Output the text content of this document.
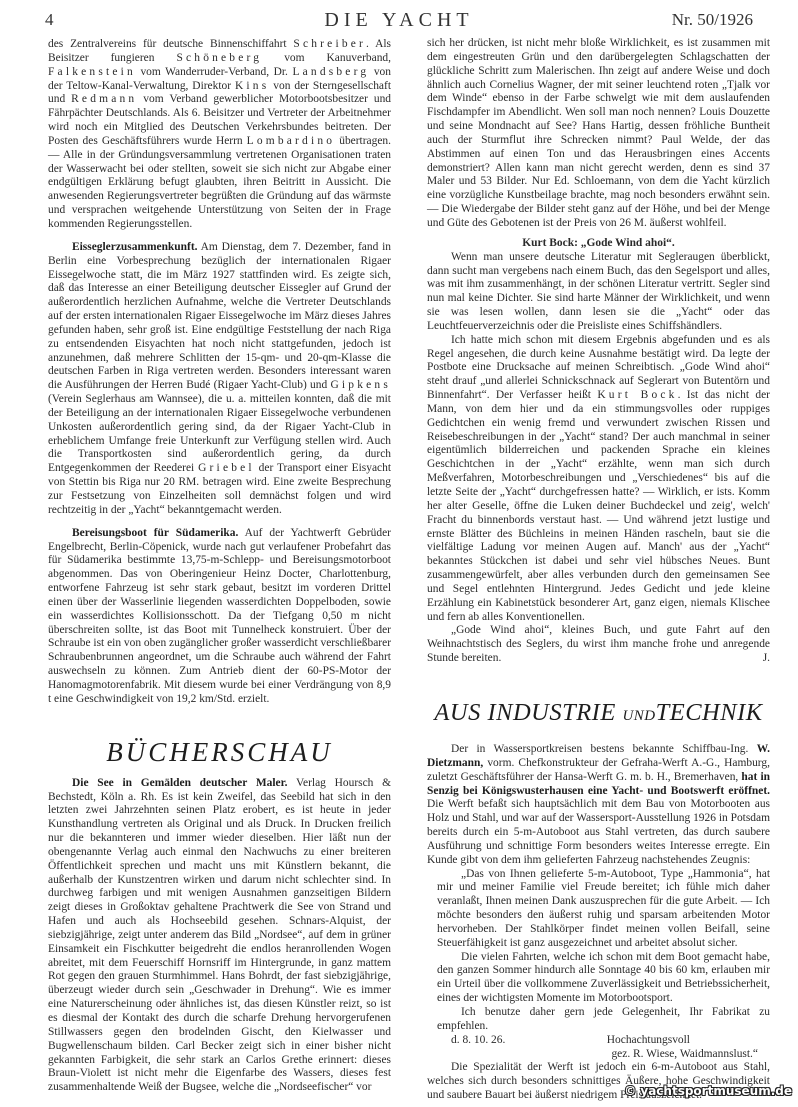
4	DIE YACHT	Nr. 50/1926

des Zentralvereins für deutsche Binnenschiffahrt Schreiber. Als Beisitzer fungieren Schöneberg vom Kanuverband, Falkenstein vom Wanderruder-Verband, Dr. Landsberg von der Teltow-Kanal-Verwaltung, Direktor Kins von der Sterngesellschaft und Redmann vom Verband gewerblicher Motorbootsbesitzer und Fährpächter Deutschlands. Als 6. Beisitzer und Vertreter der Arbeitnehmer wird noch ein Mitglied des Deutschen Verkehrsbundes beitreten. Der Posten des Geschäftsführers wurde Herrn Lombardino übertragen. — Alle in der Gründungsversammlung vertretenen Organisationen traten der Wasserwacht bei oder stellten, soweit sie sich nicht zur Abgabe einer endgültigen Erklärung befugt glaubten, ihren Beitritt in Aussicht. Die anwesenden Regierungsvertreter begrüßten die Gründung auf das wärmste und versprachen weitgehende Unterstützung von Seiten der in Frage kommenden Regierungsstellen.

Eisseglerzusammenkunft. Am Dienstag, dem 7. Dezember, fand in Berlin eine Vorbesprechung bezüglich der internationalen Rigaer Eissegelwoche statt, die im März 1927 stattfinden wird. Es zeigte sich, daß das Interesse an einer Beteiligung deutscher Eissegler auf Grund der außerordentlich herzlichen Aufnahme, welche die Vertreter Deutschlands auf der ersten internationalen Rigaer Eissegelwoche im März dieses Jahres gefunden haben, sehr groß ist. Eine endgültige Feststellung der nach Riga zu entsendenden Eisyachten hat noch nicht stattgefunden, jedoch ist anzunehmen, daß mehrere Schlitten der 15-qm- und 20-qm-Klasse die deutschen Farben in Riga vertreten werden. Besonders interessant waren die Ausführungen der Herren Budé (Rigaer Yacht-Club) und Gipkens (Verein Seglerhaus am Wannsee), die u. a. mitteilen konnten, daß die mit der Beteiligung an der internationalen Rigaer Eissegelwoche verbundenen Unkosten außerordentlich gering sind, da der Rigaer Yacht-Club in erheblichem Umfange freie Unterkunft zur Verfügung stellen wird. Auch die Transportkosten sind außerordentlich gering, da durch Entgegenkommen der Reederei Griebel der Transport einer Eisyacht von Stettin bis Riga nur 20 RM. betragen wird. Eine zweite Besprechung zur Festsetzung von Einzelheiten soll demnächst folgen und wird rechtzeitig in der „Yacht“ bekanntgemacht werden.

Bereisungsboot für Südamerika. Auf der Yachtwerft Gebrüder Engelbrecht, Berlin-Cöpenick, wurde nach gut verlaufener Probefahrt das für Südamerika bestimmte 13,75-m-Schlepp- und Bereisungsmotorboot abgenommen. Das von Oberingenieur Heinz Docter, Charlottenburg, entworfene Fahrzeug ist sehr stark gebaut, besitzt im vorderen Drittel einen über der Wasserlinie liegenden wasserdichten Doppelboden, sowie ein wasserdichtes Kollisionsschott. Da der Tiefgang 0,50 m nicht überschreiten sollte, ist das Boot mit Tunnelheck konstruiert. Über der Schraube ist ein von oben zugänglicher großer wasserdicht verschließbarer Schraubenbrunnen angeordnet, um die Schraube auch während der Fahrt auswechseln zu können. Zum Antrieb dient der 60-PS-Motor der Hanomagmotorenfabrik. Mit diesem wurde bei einer Verdrängung von 8,9 t eine Geschwindigkeit von 19,2 km/Std. erzielt.

BÜCHERSCHAU

Die See in Gemälden deutscher Maler. Verlag Hoursch & Bechstedt, Köln a. Rh. Es ist kein Zweifel, das Seebild hat sich in den letzten zwei Jahrzehnten seinen Platz erobert, es ist heute in jeder Kunsthandlung vertreten als Original und als Druck. In Drucken freilich nur die bekannteren und immer wieder dieselben. Hier läßt nun der obengenannte Verlag auch einmal den Nachwuchs zu einer breiteren Öffentlichkeit sprechen und macht uns mit Künstlern bekannt, die außerhalb der Kunstzentren wirken und darum nicht schlechter sind. In durchweg farbigen und mit wenigen Ausnahmen ganzseitigen Bildern zeigt dieses in Großoktav gehaltene Prachtwerk die See von Strand und Hafen und auch als Hochseebild gesehen. Schnars-Alquist, der siebzigjährige, zeigt unter anderem das Bild „Nordsee“, auf dem in grüner Einsamkeit ein Fischkutter beigedreht die endlos heranrollenden Wogen abreitet, mit dem Feuerschiff Hornsriff im Hintergrunde, in ganz mattem Rot gegen den grauen Sturmhimmel. Hans Bohrdt, der fast siebzigjährige, überzeugt wieder durch sein „Geschwader in Drehung“. Wie es immer eine Naturerscheinung oder ähnliches ist, das diesen Künstler reizt, so ist es diesmal der Kontakt des durch die scharfe Drehung hervorgerufenen Stillwassers gegen den brodelnden Gischt, den Kielwasser und Bugwellenschaum bilden. Carl Becker zeigt sich in einer bisher nicht gekannten Farbigkeit, die sehr stark an Carlos Grethe erinnert: dieses Braun-Violett ist nicht mehr die Eigenfarbe des Wassers, dieses fest zusammenhaltende Weiß der Bugsee, welche die „Nordseefischer“ vor

sich her drücken, ist nicht mehr bloße Wirklichkeit, es ist zusammen mit dem eingestreuten Grün und den darübergelegten Schlagschatten der glückliche Schritt zum Malerischen. Ihn zeigt auf andere Weise und doch ähnlich auch Cornelius Wagner, der mit seiner leuchtend roten „Tjalk vor dem Winde“ ebenso in der Farbe schwelgt wie mit dem auslaufenden Fischdampfer im Abendlicht. Wen soll man noch nennen? Louis Douzette und seine Mondnacht auf See? Hans Hartig, dessen fröhliche Buntheit auch der Sturmflut ihre Schrecken nimmt? Paul Welde, der das Abstimmen auf einen Ton und das Herausbringen eines Accents demonstriert? Allen kann man nicht gerecht werden, denn es sind 37 Maler und 53 Bilder. Nur Ed. Schloemann, von dem die Yacht kürzlich eine vorzügliche Kunstbeilage brachte, mag noch besonders erwähnt sein. — Die Wiedergabe der Bilder steht ganz auf der Höhe, und bei der Menge und Güte des Gebotenen ist der Preis von 26 M. äußerst wohlfeil.

Kurt Bock: „Gode Wind ahoi“.

Wenn man unsere deutsche Literatur mit Segleraugen überblickt, dann sucht man vergebens nach einem Buch, das den Segelsport und alles, was mit ihm zusammenhängt, in der schönen Literatur vertritt. Segler sind nun mal keine Dichter. Sie sind harte Männer der Wirklichkeit, und wenn sie was lesen wollen, dann lesen sie die „Yacht“ oder das Leuchtfeuerverzeichnis oder die Preisliste eines Schiffshändlers.

Ich hatte mich schon mit diesem Ergebnis abgefunden und es als Regel angesehen, die durch keine Ausnahme bestätigt wird. Da legte der Postbote eine Drucksache auf meinen Schreibtisch. „Gode Wind ahoi“ steht drauf „und allerlei Schnickschnack auf Seglerart von Butentörn und Binnenfahrt“. Der Verfasser heißt Kurt Bock. Ist das nicht der Mann, von dem hier und da ein stimmungsvolles oder ruppiges Gedichtchen ein wenig fremd und verwundert zwischen Rissen und Reisebeschreibungen in der „Yacht“ stand? Der auch manchmal in seiner eigentümlich bilderreichen und packenden Sprache ein kleines Geschichtchen in der „Yacht“ erzählte, wenn man sich durch Meßverfahren, Motorbeschreibungen und „Verschiedenes“ bis auf die letzte Seite der „Yacht“ durchgefressen hatte? — Wirklich, er ists. Komm her alter Geselle, öffne die Luken deiner Buchdeckel und zeig', welch' Fracht du binnenbords verstaut hast. — Und während jetzt lustige und ernste Blätter des Büchleins in meinen Händen rascheln, baut sie die vielfältige Ladung vor meinen Augen auf. Manch' aus der „Yacht“ bekanntes Stückchen ist dabei und sehr viel hübsches Neues. Bunt zusammengewürfelt, aber alles verbunden durch den gemeinsamen See und Segel entlehnten Hintergrund. Jedes Gedicht und jede kleine Erzählung ein Kabinetstück besonderer Art, ganz eigen, niemals Klischee und fern ab alles Konventionellen.

„Gode Wind ahoi“, kleines Buch, und gute Fahrt auf den Weihnachtstisch des Seglers, du wirst ihm manche frohe und anregende Stunde bereiten.	J.

AUS INDUSTRIE UNDTECHNIK

Der in Wassersportkreisen bestens bekannte Schiffbau-Ing. W. Dietzmann, vorm. Chefkonstrukteur der Gefraha-Werft A.-G., Hamburg, zuletzt Geschäftsführer der Hansa-Werft G. m. b. H., Bremerhaven, hat in Senzig bei Königswusterhausen eine Yacht- und Bootswerft eröffnet. Die Werft befaßt sich hauptsächlich mit dem Bau von Motorbooten aus Holz und Stahl, und war auf der Wassersport-Ausstellung 1926 in Potsdam bereits durch ein 5-m-Autoboot aus Stahl vertreten, das durch saubere Ausführung und schnittige Form besonders weites Interesse erregte. Ein Kunde gibt von dem ihm gelieferten Fahrzeug nachstehendes Zeugnis:

„Das von Ihnen gelieferte 5-m-Autoboot, Type „Hammonia“, hat mir und meiner Familie viel Freude bereitet; ich fühle mich daher veranlaßt, Ihnen meinen Dank auszusprechen für die gute Arbeit. — Ich möchte besonders den äußerst ruhig und sparsam arbeitenden Motor hervorheben. Der Stahlkörper findet meinen vollen Beifall, seine Steuerfähigkeit ist ganz ausgezeichnet und arbeitet absolut sicher.

Die vielen Fahrten, welche ich schon mit dem Boot gemacht habe, den ganzen Sommer hindurch alle Sonntage 40 bis 60 km, erlauben mir ein Urteil über die vollkommene Zuverlässigkeit und Betriebssicherheit, eines der wichtigsten Momente im Motorbootsport.

Ich benutze daher gern jede Gelegenheit, Ihr Fabrikat zu empfehlen.

d. 8. 10. 26.	Hochachtungsvoll
gez. R. Wiese, Waidmannslust.“

Die Spezialität der Werft ist jedoch ein 6-m-Autoboot aus Stahl, welches sich durch besonders schnittiges Äußere, hohe Geschwindigkeit und saubere Bauart bei äußerst niedrigem Preis auszeichnet.

© yachtsportmuseum.de
